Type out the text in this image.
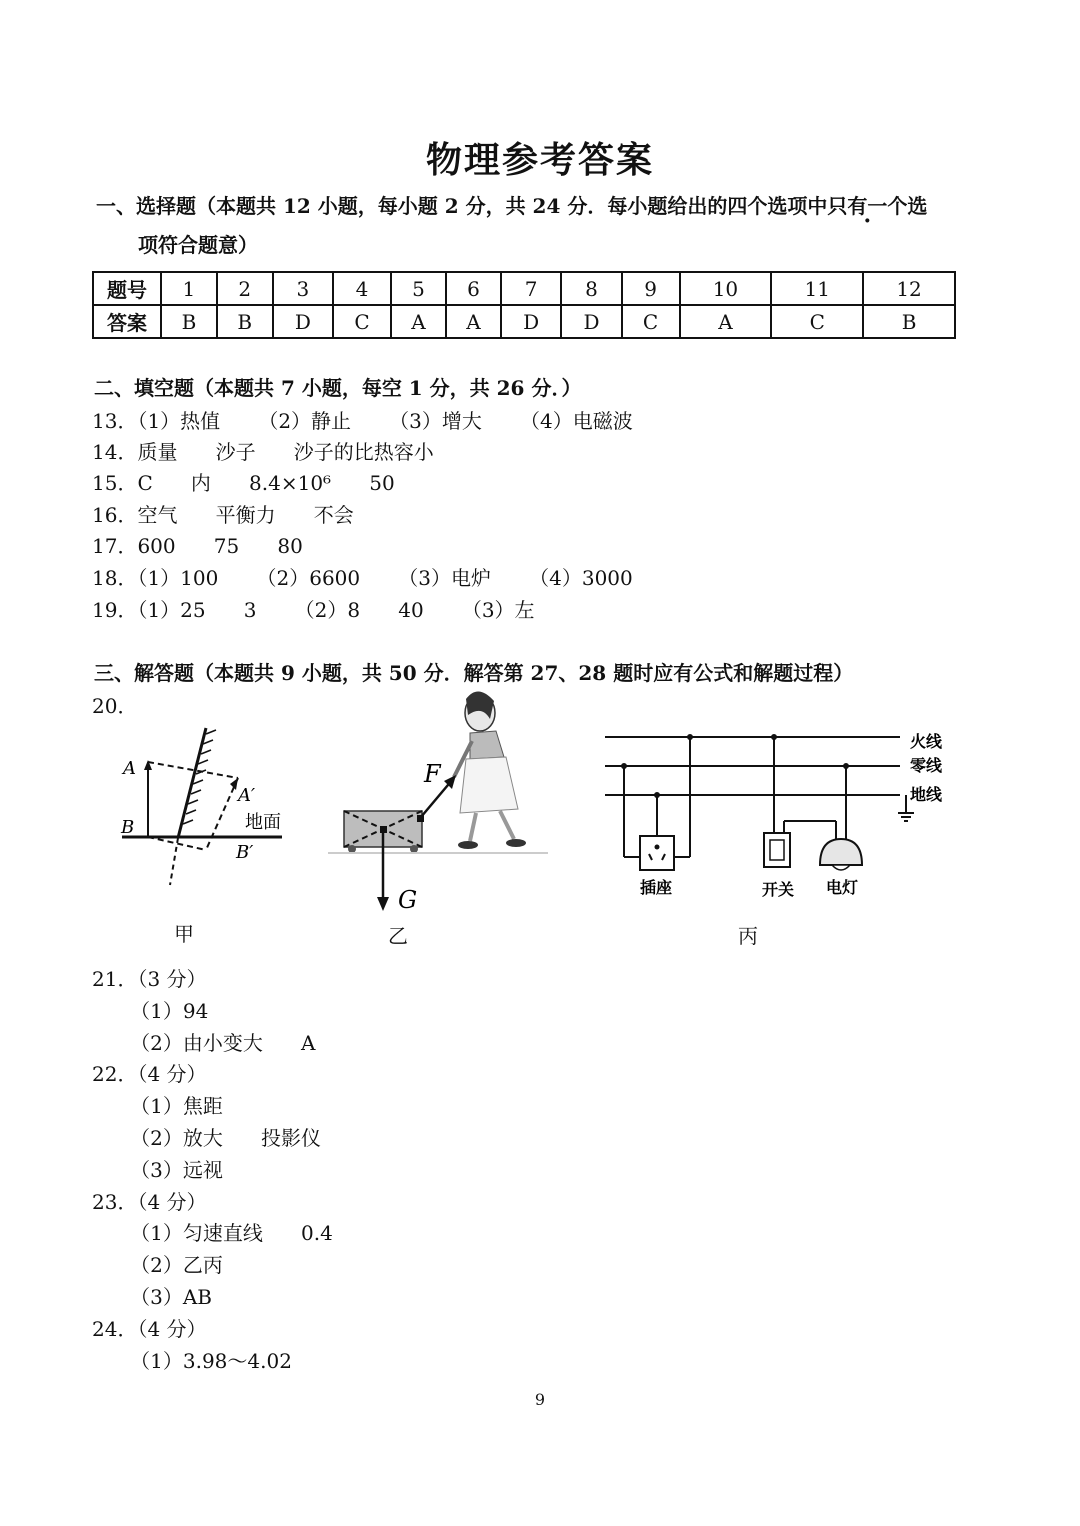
物理参考答案
一、选择题（本题共 12 小题，每小题 2 分，共 24 分．每小题给出的四个选项中只有一个选
项符合题意）
题号	1	2	3	4	5	6	7	8	9	10	11	12
答案	B	B	D	C	A	A	D	D	C	A	C	B
二、填空题（本题共 7 小题，每空 1 分，共 26 分．）
13．（1）热值      （2）静止      （3）增大      （4）电磁波
14．质量      沙子      沙子的比热容小
15．C      内      8.4×10⁶      50
16．空气      平衡力      不会
17．600      75      80
18．（1）100      （2）6600      （3）电炉      （4）3000
19．（1）25      3      （2）8      40      （3）左
三、解答题（本题共 9 小题，共 50 分．解答第 27、28 题时应有公式和解题过程）
20．
A
B
A′
B′
地面
甲
F
G
乙
火线
零线
地线
插座	开关 电灯
丙
21．（3 分）
（1）94
（2）由小变大      A
22．（4 分）
（1）焦距
（2）放大      投影仪
（3）远视
23．（4 分）
（1）匀速直线      0.4
（2）乙丙
（3）AB
24．（4 分）
（1）3.98～4.02
9
